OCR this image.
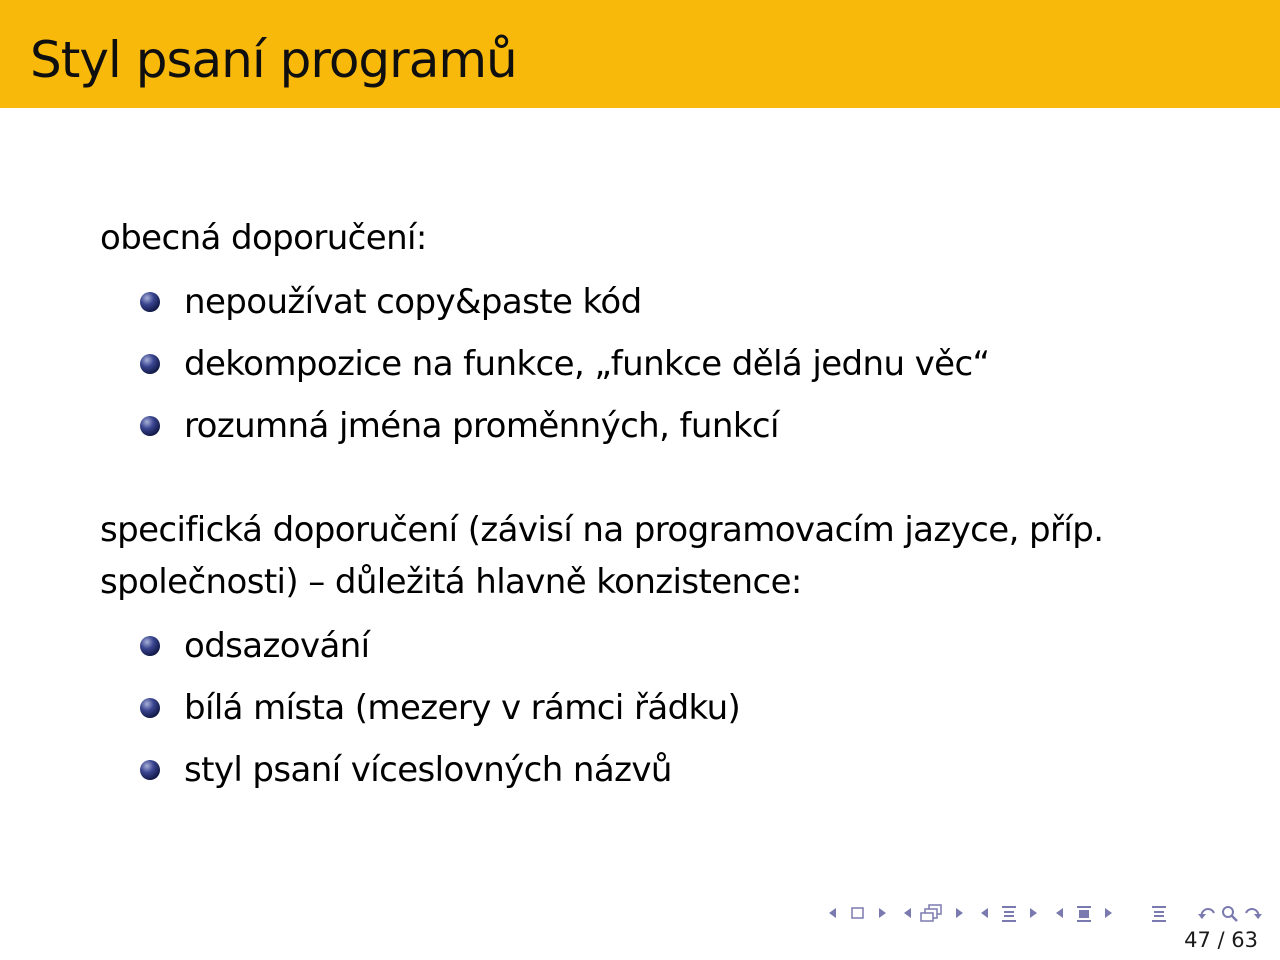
Styl psaní programů

obecná doporučení:

nepoužívat copy&paste kód
dekompozice na funkce, „funkce dělá jednu věc“
rozumná jména proměnných, funkcí

specifická doporučení (závisí na programovacím jazyce, příp.
společnosti) – důležitá hlavně konzistence:

odsazování
bílá místa (mezery v rámci řádku)
styl psaní víceslovných názvů
47 / 63
